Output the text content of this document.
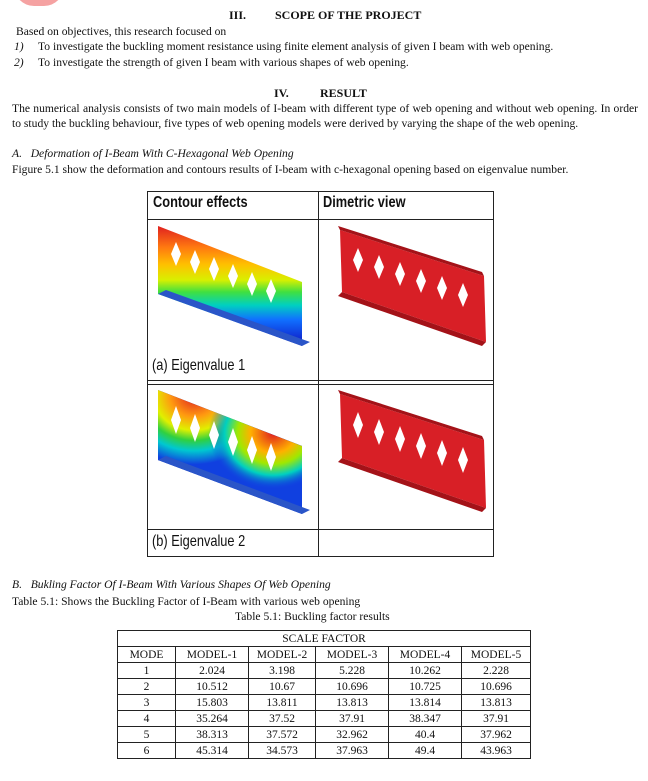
III. SCOPE OF THE PROJECT
Based on objectives, this research focused on
1) To investigate the buckling moment resistance using finite element analysis of given I beam with web opening.
2) To investigate the strength of given I beam with various shapes of web opening.
IV.	RESULT
The numerical analysis consists of two main models of I-beam with different type of web opening and without web opening. In order to study the buckling behaviour, five types of web opening models were derived by varying the shape of the web opening.
A. Deformation of I-Beam With C-Hexagonal Web Opening
Figure 5.1 show the deformation and contours results of I-beam with c-hexagonal opening based on eigenvalue number.
Contour effects	Dimetric view
(a) Eigenvalue 1
(b) Eigenvalue 2
B. Bukling Factor Of I-Beam With Various Shapes Of Web Opening
Table 5.1: Shows the Buckling Factor of I-Beam with various web opening
Table 5.1: Buckling factor results
SCALE FACTOR					
MODE	MODEL-1	MODEL-2	MODEL-3	MODEL-4	MODEL-5
1	2.024	3.198	5.228	10.262	2.228
2	10.512	10.67	10.696	10.725	10.696
3	15.803	13.811	13.813	13.814	13.813
4	35.264	37.52	37.91	38.347	37.91
5	38.313	37.572	32.962	40.4	37.962
6	45.314	34.573	37.963	49.4	43.963
